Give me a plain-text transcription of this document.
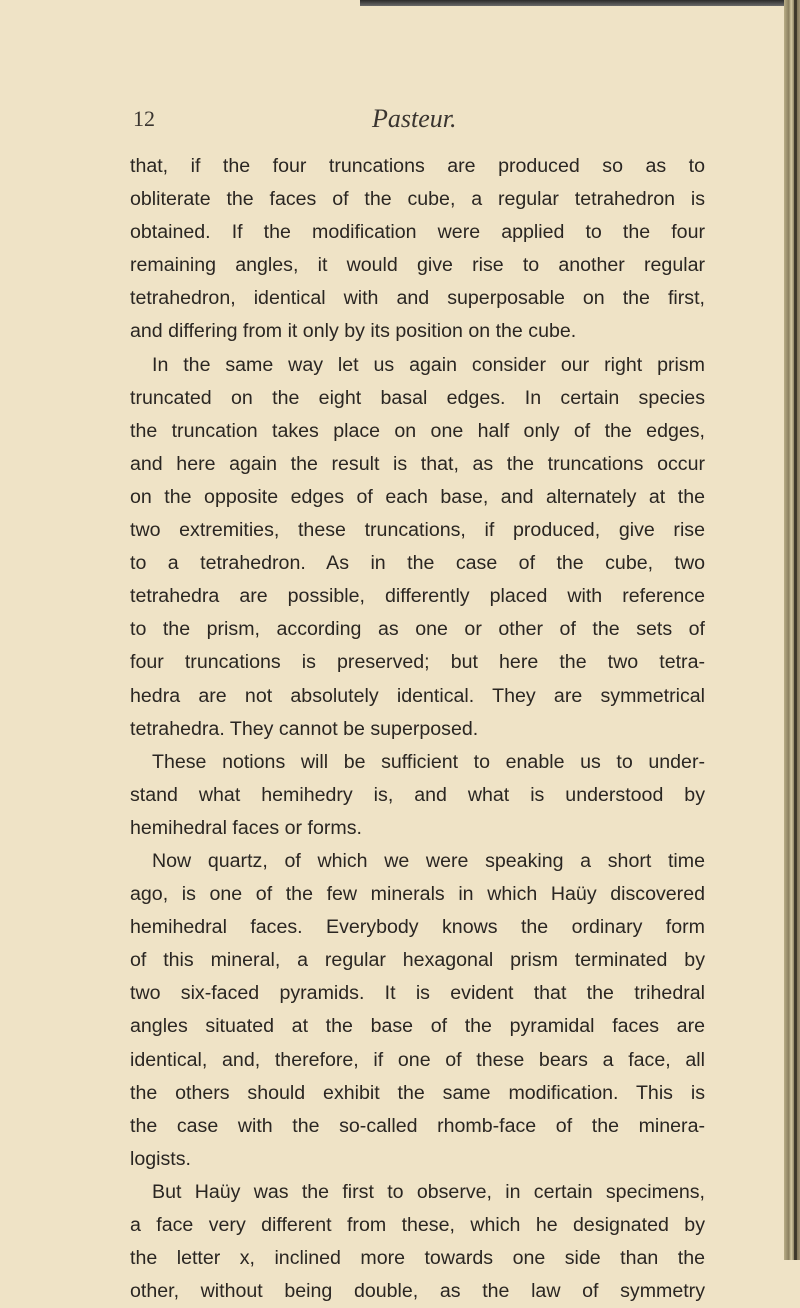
12	Pasteur.
that, if the four truncations are produced so as to
obliterate the faces of the cube, a regular tetrahedron is
obtained. If the modification were applied to the four
remaining angles, it would give rise to another regular
tetrahedron, identical with and superposable on the first,
and differing from it only by its position on the cube.
In the same way let us again consider our right prism
truncated on the eight basal edges. In certain species
the truncation takes place on one half only of the edges,
and here again the result is that, as the truncations occur
on the opposite edges of each base, and alternately at the
two extremities, these truncations, if produced, give rise
to a tetrahedron. As in the case of the cube, two
tetrahedra are possible, differently placed with reference
to the prism, according as one or other of the sets of
four truncations is preserved; but here the two tetra-
hedra are not absolutely identical. They are symmetrical
tetrahedra. They cannot be superposed.
These notions will be sufficient to enable us to under-
stand what hemihedry is, and what is understood by
hemihedral faces or forms.
Now quartz, of which we were speaking a short time
ago, is one of the few minerals in which Haüy discovered
hemihedral faces. Everybody knows the ordinary form
of this mineral, a regular hexagonal prism terminated by
two six-faced pyramids. It is evident that the trihedral
angles situated at the base of the pyramidal faces are
identical, and, therefore, if one of these bears a face, all
the others should exhibit the same modification. This is
the case with the so-called rhomb-face of the minera-
logists.
But Haüy was the first to observe, in certain specimens,
a face very different from these, which he designated by
the letter x, inclined more towards one side than the
other, without being double, as the law of symmetry
